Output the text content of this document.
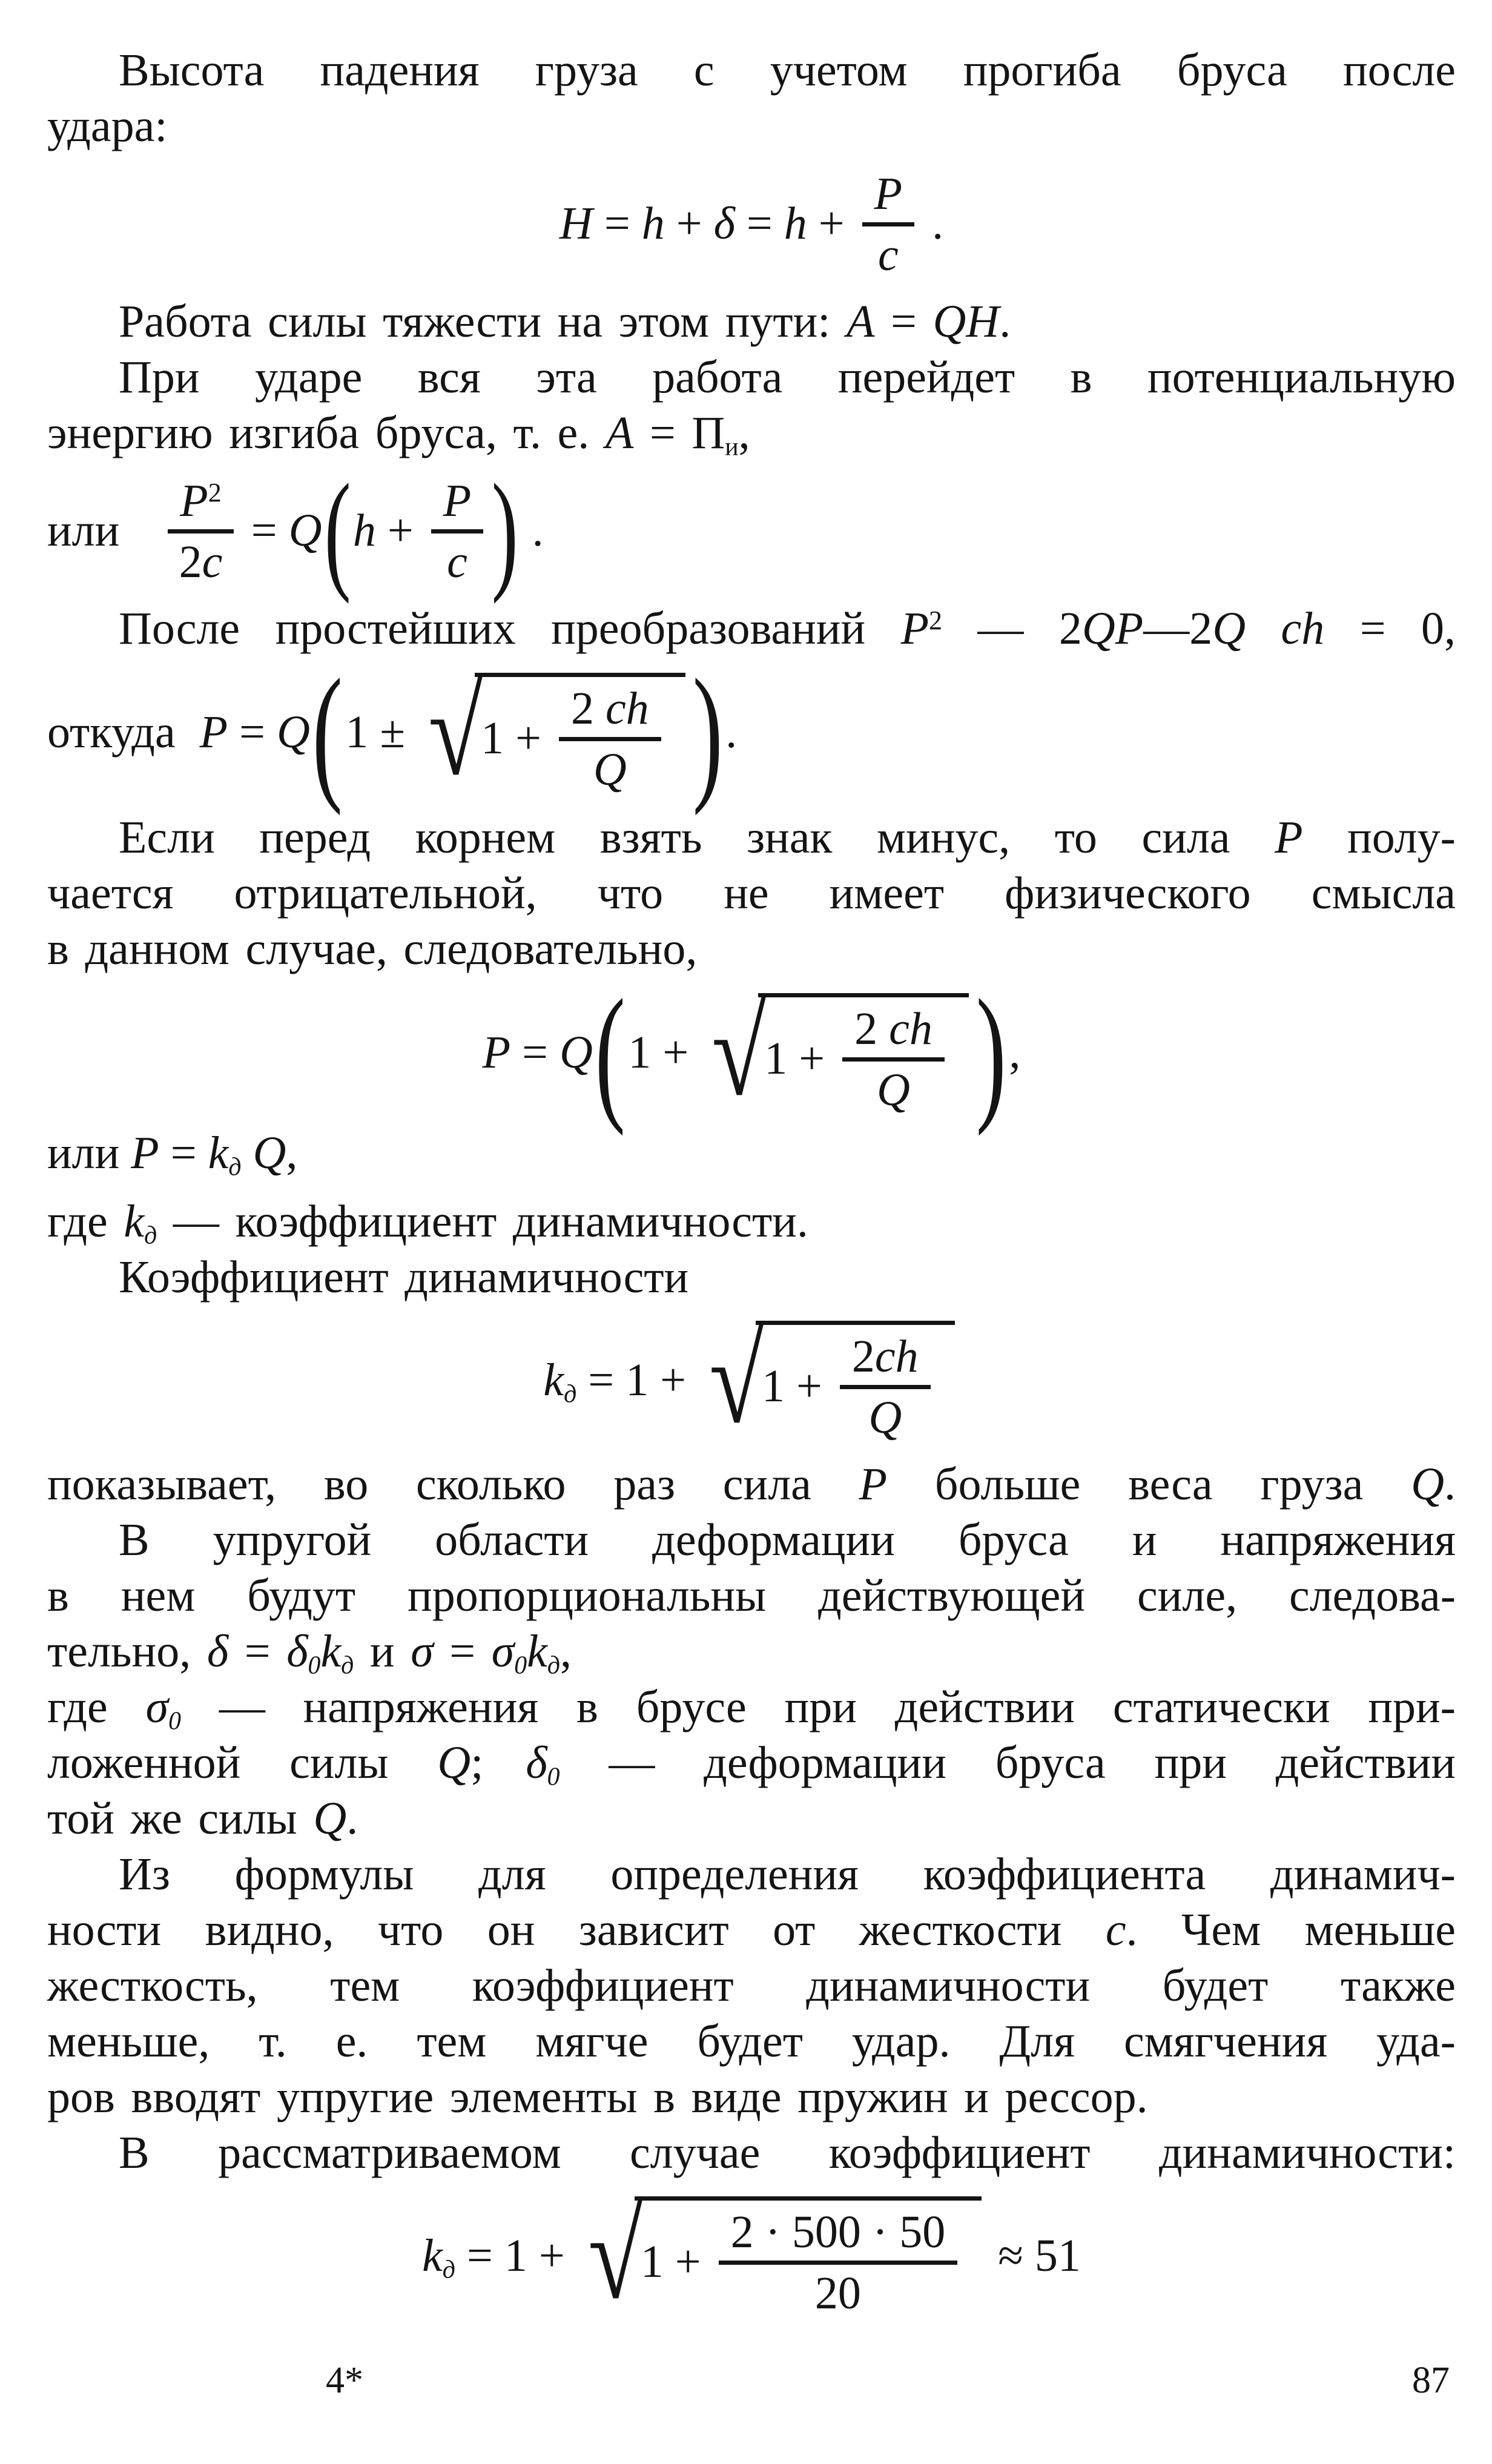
Высота падения груза с учетом прогиба бруса после
удара:
$H = h + \delta = h + \frac{P}{c}$ .
Работа силы тяжести на этом пути: A = QH.
При ударе вся эта работа перейдет в потенциальную
энергию изгиба бруса, т. е. A = Пи,
или $\frac{P^2}{2c} = Q$ ( $h + \frac{P}{c}$ ) .
После простейших преобразований $P^2$ — 2QP—2Q ch = 0,
откуда P = Q ( 1 ± √
$1 + \frac{2 ch}{Q}$ ) .
Если перед корнем взять знак минус, то сила P полу-
чается отрицательной, что не имеет физического смысла
в данном случае, следовательно,
P = Q ( 1 + √
$1 + \frac{2 ch}{Q}$ ) ,
или P = kд Q ,
где kд — коэффициент динамичности.
Коэффициент динамичности
kд = 1 + √
$1 + \frac{2ch}{Q}$
показывает, во сколько раз сила P больше веса груза Q.
В упругой области деформации бруса и напряжения
в нем будут пропорциональны действующей силе, следова-
тельно, δ = δ0kд и σ = σ0kд,
где σ0 — напряжения в брусе при действии статически при-
ложенной силы Q; δ0 — деформации бруса при действии
той же силы Q.
Из формулы для определения коэффициента динамич-
ности видно, что он зависит от жесткости c. Чем меньше
жесткость, тем коэффициент динамичности будет также
меньше, т. е. тем мягче будет удар. Для смягчения уда-
ров вводят упругие элементы в виде пружин и рессор.
В рассматриваемом случае коэффициент динамичности:
kд = 1 + √
$1 + \frac{2 \cdot 500 \cdot 50}{20} \approx 51$
4*	87
